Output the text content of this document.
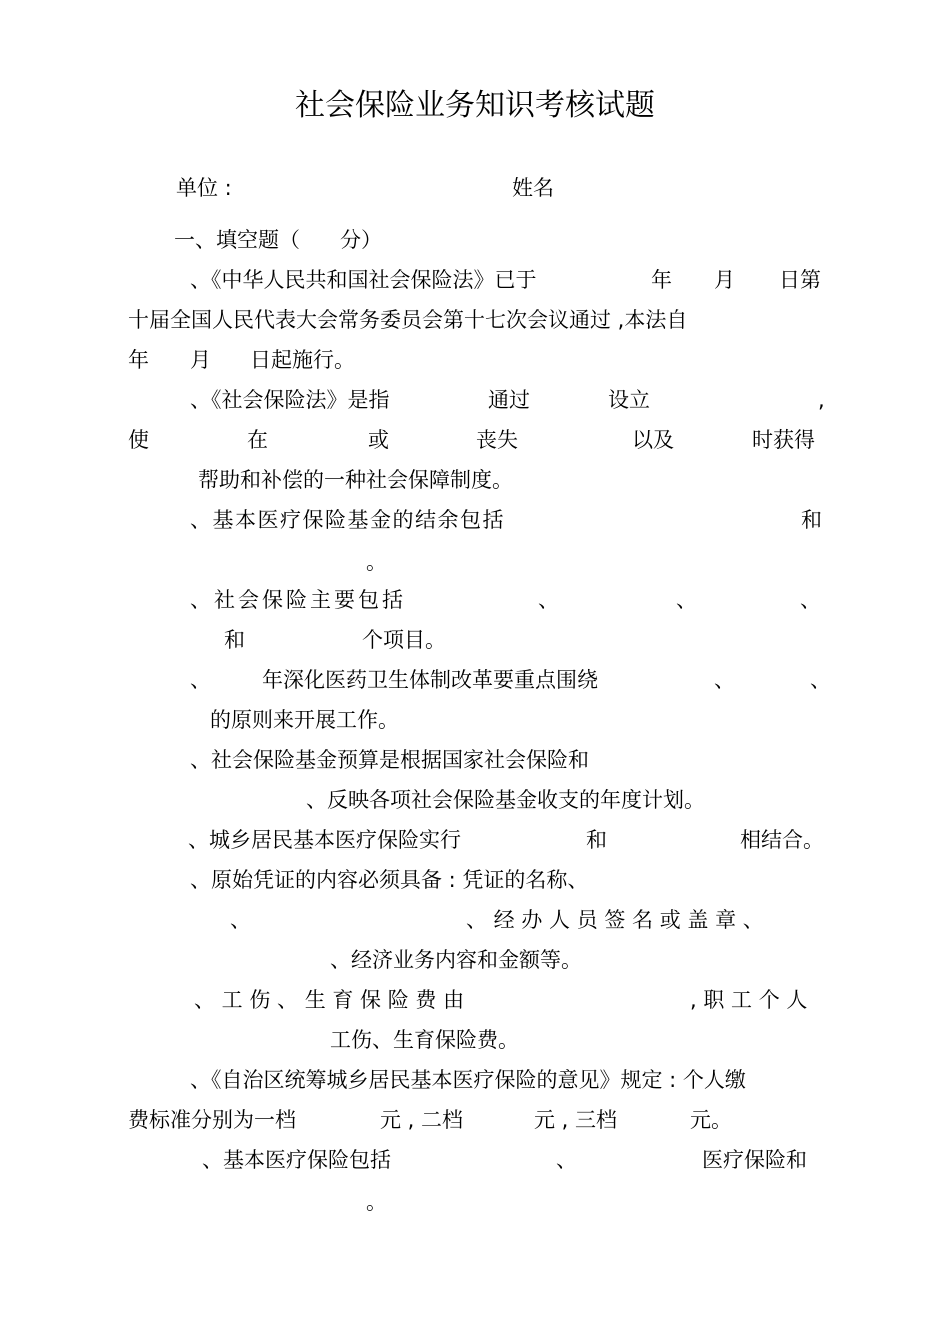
社会保险业务知识考核试题
单位 :	姓名
一、填空题（      分）
、《中华人民共和国社会保险法》已于	年 月 日第
十届全国人民代表大会常务委员会第十七次会议通过 ,本法自
年 月 日起施行。
、《社会保险法》是指	通过	设立	,
使	在	或	丧失	以及	时获得
帮助和补偿的一种社会保障制度。
、基本医疗保险基金的结余包括	和
。
、社会保险主要包括	、	、	、
和	个项目。
、 年深化医药卫生体制改革要重点围绕	、	、
的原则来开展工作。
、社会保险基金预算是根据国家社会保险和
、反映各项社会保险基金收支的年度计划。
、城乡居民基本医疗保险实行	和	相结合。
、原始凭证的内容必须具备 : 凭证的名称、
、	、 经 办 人 员 签 名 或 盖 章 、
、经济业务内容和金额等。
、 工 伤 、 生 育 保 险 费 由	, 职 工 个 人
工伤、生育保险费。
、《自治区统筹城乡居民基本医疗保险的意见》规定 : 个人缴
费标准分别为一档	元 , 二档	元 , 三档	元。
、基本医疗保险包括	、	医疗保险和
。
